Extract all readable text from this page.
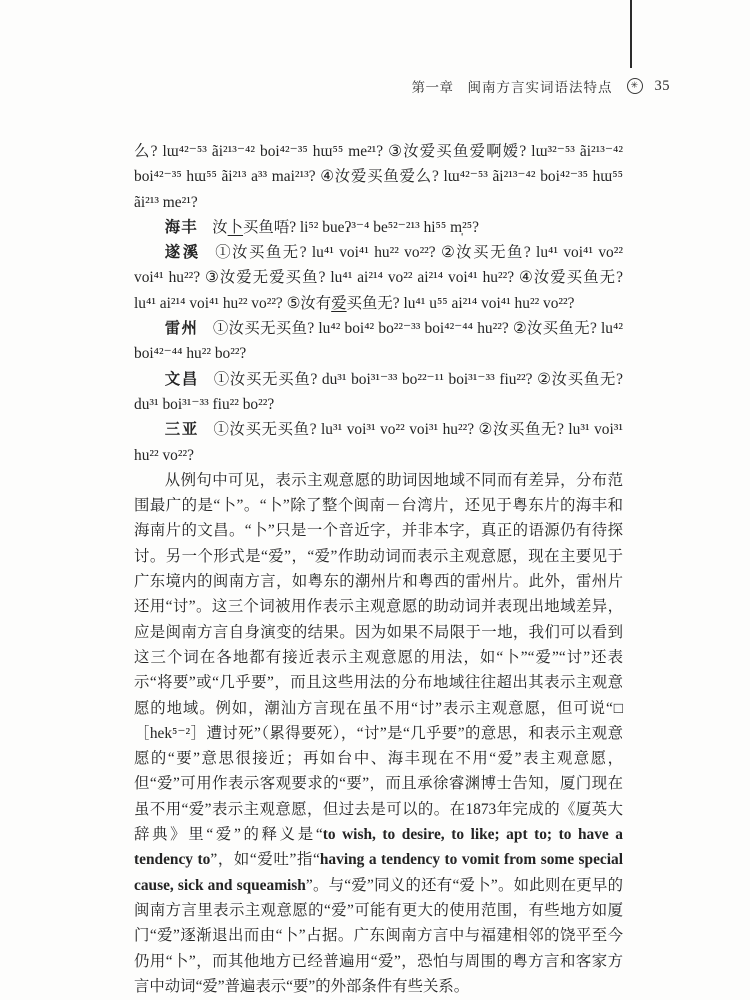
第一章 闽南方言实词语法特点 ✳ 35

么? lɯ⁴²⁻⁵³ ãi²¹³⁻⁴² boi⁴²⁻³⁵ hɯ⁵⁵ me²¹? ③汝爱买鱼爱啊嫒? lɯ³²⁻⁵³ ãi²¹³⁻⁴² boi⁴²⁻³⁵ hɯ⁵⁵ ãi²¹³ a³³ mai²¹³? ④汝爱买鱼爱么? lɯ⁴²⁻⁵³ ãi²¹³⁻⁴² boi⁴²⁻³⁵ hɯ⁵⁵ ãi²¹³ me²¹?

海丰 汝卜买鱼唔? li⁵² bueʔ³⁻⁴ be⁵²⁻²¹³ hi⁵⁵ m̩²⁵?

遂溪 ①汝买鱼无? lu⁴¹ voi⁴¹ hu²² vo²²? ②汝买无鱼? lu⁴¹ voi⁴¹ vo²² voi⁴¹ hu²²? ③汝爱无爱买鱼? lu⁴¹ ai²¹⁴ vo²² ai²¹⁴ voi⁴¹ hu²²? ④汝爱买鱼无? lu⁴¹ ai²¹⁴ voi⁴¹ hu²² vo²²? ⑤汝有爱买鱼无? lu⁴¹ u⁵⁵ ai²¹⁴ voi⁴¹ hu²² vo²²?

雷州 ①汝买无买鱼? lu⁴² boi⁴² bo²²⁻³³ boi⁴²⁻⁴⁴ hu²²? ②汝买鱼无? lu⁴² boi⁴²⁻⁴⁴ hu²² bo²²?

文昌 ①汝买无买鱼? du³¹ boi³¹⁻³³ bo²²⁻¹¹ boi³¹⁻³³ fiu²²? ②汝买鱼无? du³¹ boi³¹⁻³³ fiu²² bo²²?

三亚 ①汝买无买鱼? lu³¹ voi³¹ vo²² voi³¹ hu²²? ②汝买鱼无? lu³¹ voi³¹ hu²² vo²²?

从例句中可见，表示主观意愿的助词因地域不同而有差异，分布范围最广的是“卜”。“卜”除了整个闽南－台湾片，还见于粤东片的海丰和海南片的文昌。“卜”只是一个音近字，并非本字，真正的语源仍有待探讨。另一个形式是“爱”，“爱”作助动词而表示主观意愿，现在主要见于广东境内的闽南方言，如粤东的潮州片和粤西的雷州片。此外，雷州片还用“讨”。这三个词被用作表示主观意愿的助动词并表现出地域差异，应是闽南方言自身演变的结果。因为如果不局限于一地，我们可以看到这三个词在各地都有接近表示主观意愿的用法，如“卜”“爱”“讨”还表示“将要”或“几乎要”，而且这些用法的分布地域往往超出其表示主观意愿的地域。例如，潮汕方言现在虽不用“讨”表示主观意愿，但可说“□［hek⁵⁻²］遭讨死”（累得要死），“讨”是“几乎要”的意思，和表示主观意愿的“要”意思很接近；再如台中、海丰现在不用“爱”表主观意愿，但“爱”可用作表示客观要求的“要”，而且承徐睿渊博士告知，厦门现在虽不用“爱”表示主观意愿，但过去是可以的。在1873年完成的《厦英大辞典》里“爱”的释义是“to wish, to desire, to like; apt to; to have a tendency to”，如“爱吐”指“having a tendency to vomit from some special cause, sick and squeamish”。与“爱”同义的还有“爱卜”。如此则在更早的闽南方言里表示主观意愿的“爱”可能有更大的使用范围，有些地方如厦门“爱”逐渐退出而由“卜”占据。广东闽南方言中与福建相邻的饶平至今仍用“卜”，而其他地方已经普遍用“爱”，恐怕与周围的粤方言和客家方言中动词“爱”普遍表示“要”的外部条件有些关系。
